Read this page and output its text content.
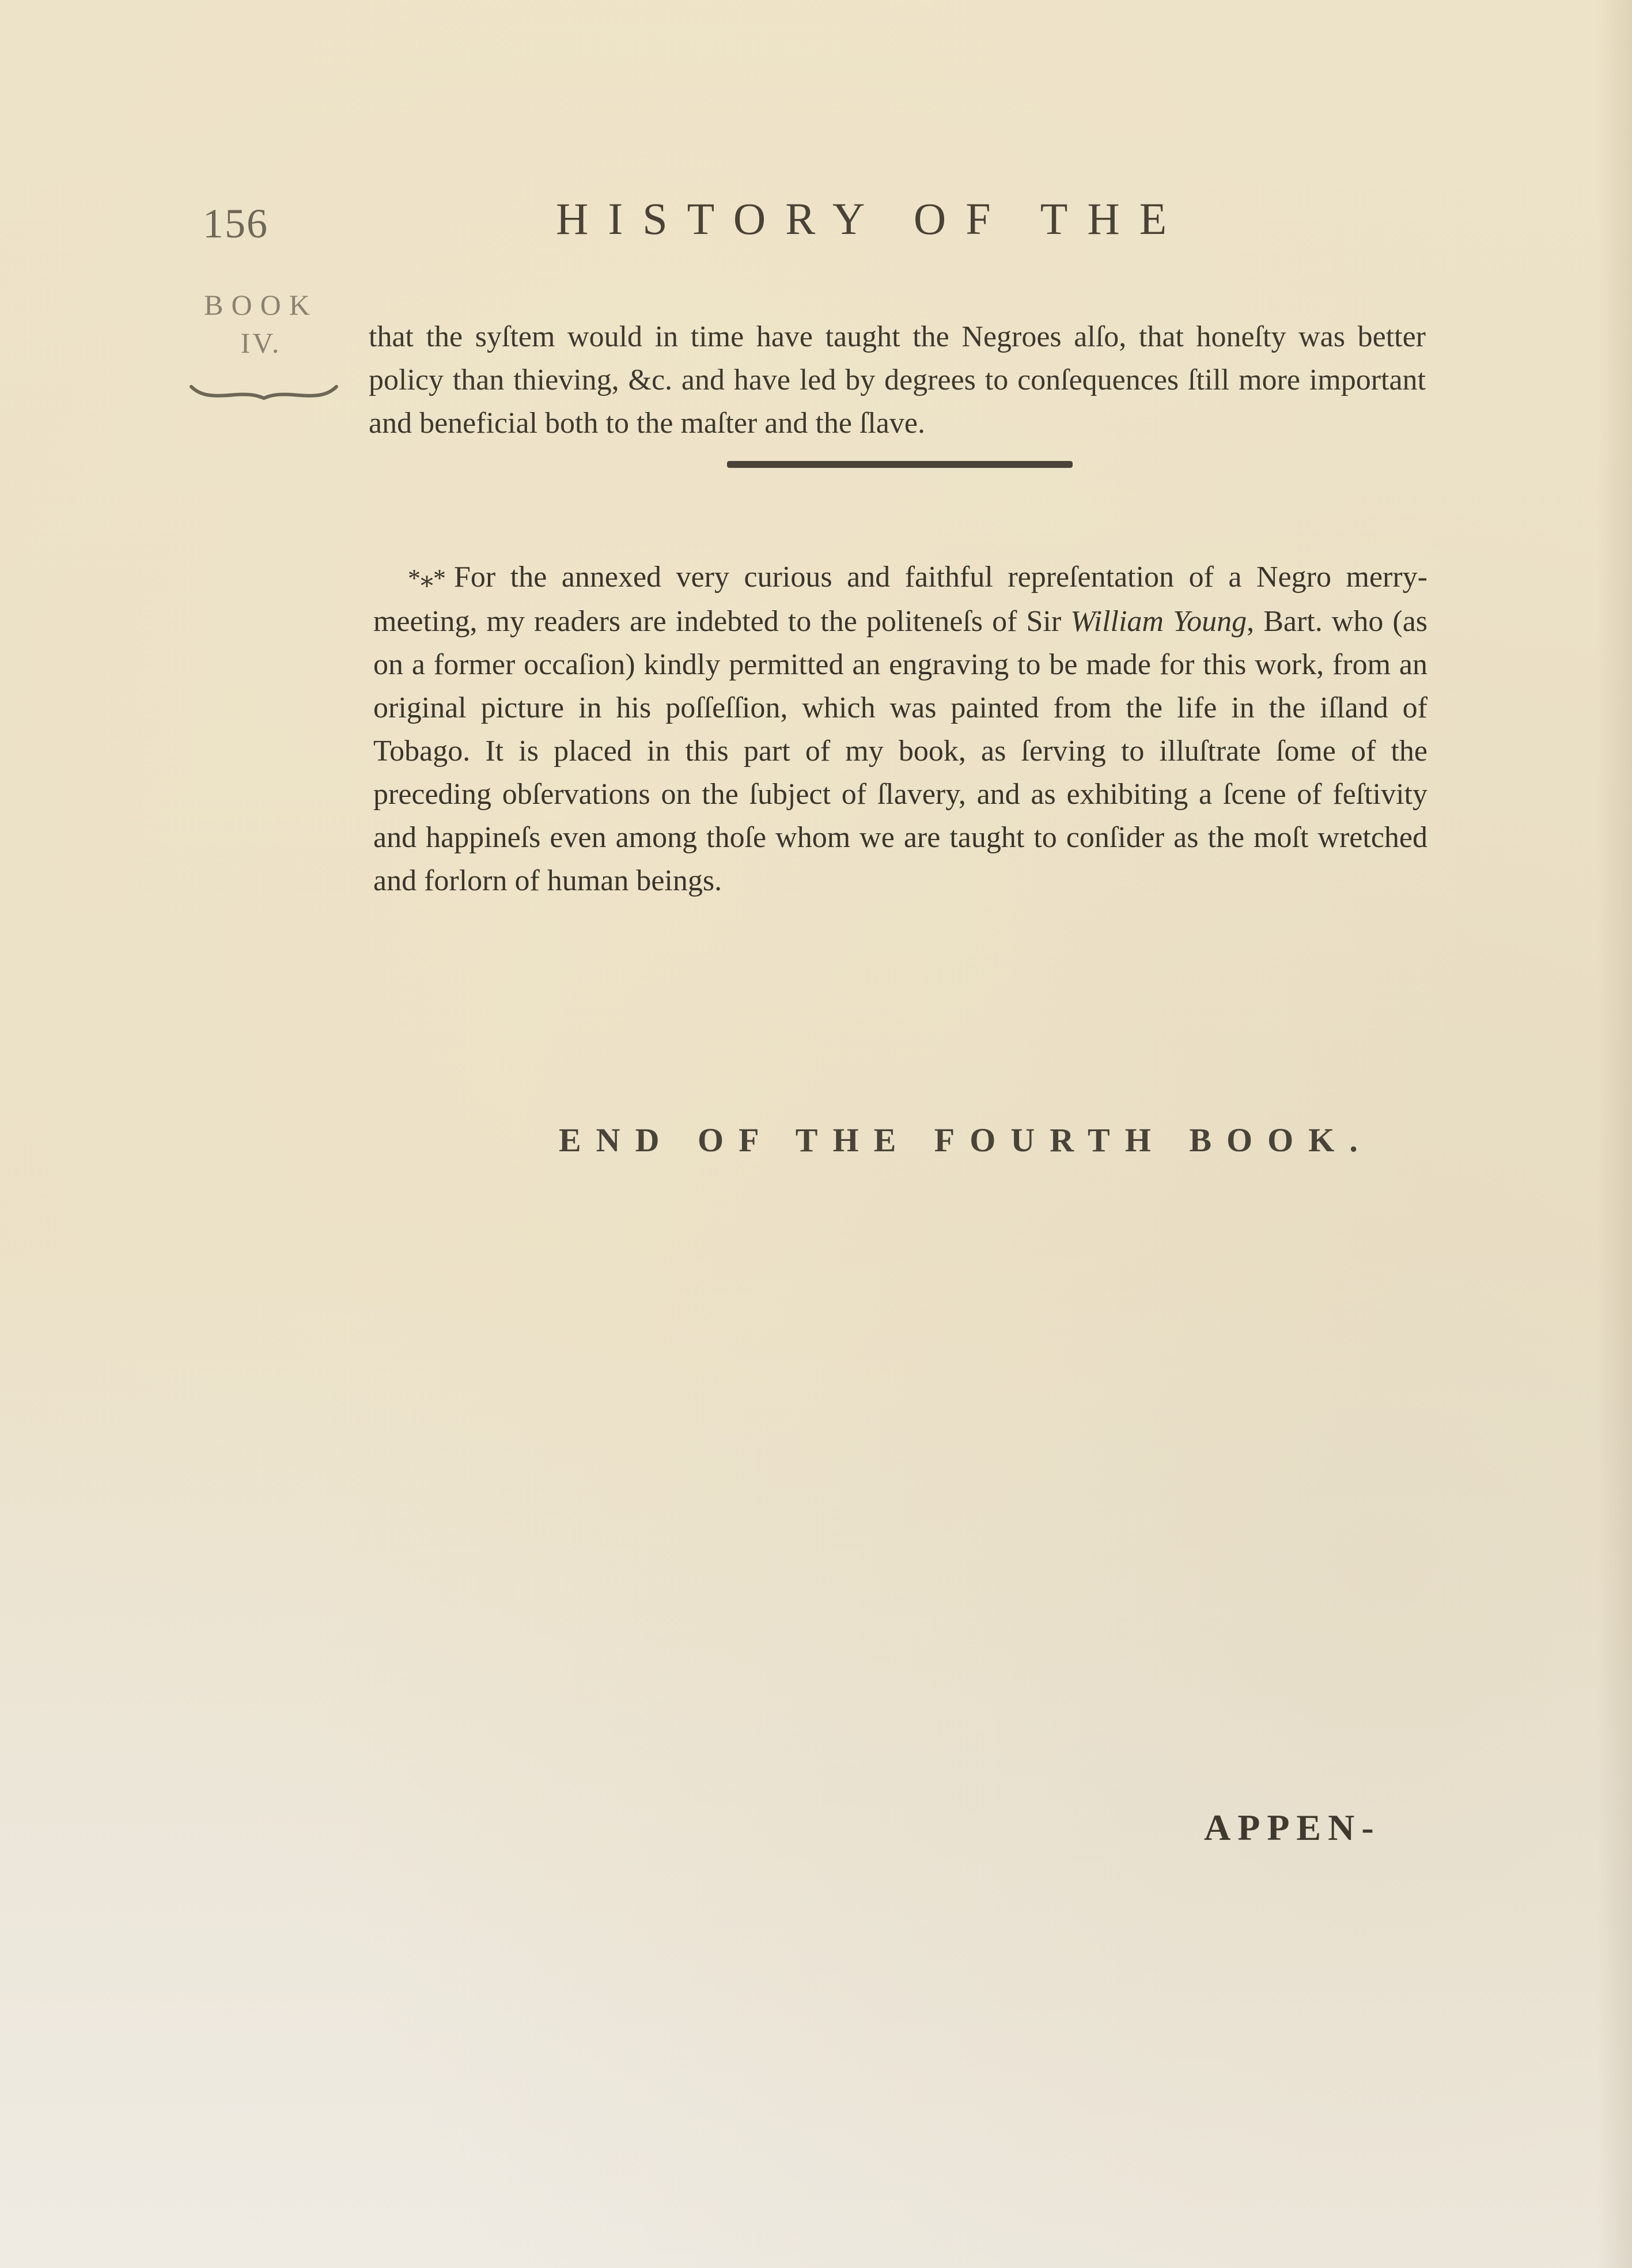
156	HISTORY OF THE
BOOK
IV.	that the syſtem would in time have taught the Negroes alſo, that honeſty was better policy than thieving, &c. and have led by degrees to conſequences ſtill more important and beneficial both to the maſter and the ſlave.

*⁎* For the annexed very curious and faithful repreſentation of a Negro merry-meeting, my readers are indebted to the politeneſs of Sir William Young, Bart. who (as on a former occaſion) kindly permitted an engraving to be made for this work, from an original picture in his poſſeſſion, which was painted from the life in the iſland of Tobago. It is placed in this part of my book, as ſerving to illuſtrate ſome of the preceding obſervations on the ſubject of ſlavery, and as exhibiting a ſcene of feſtivity and happineſs even among thoſe whom we are taught to conſider as the moſt wretched and forlorn of human beings.

END OF THE FOURTH BOOK.
APPEN-
